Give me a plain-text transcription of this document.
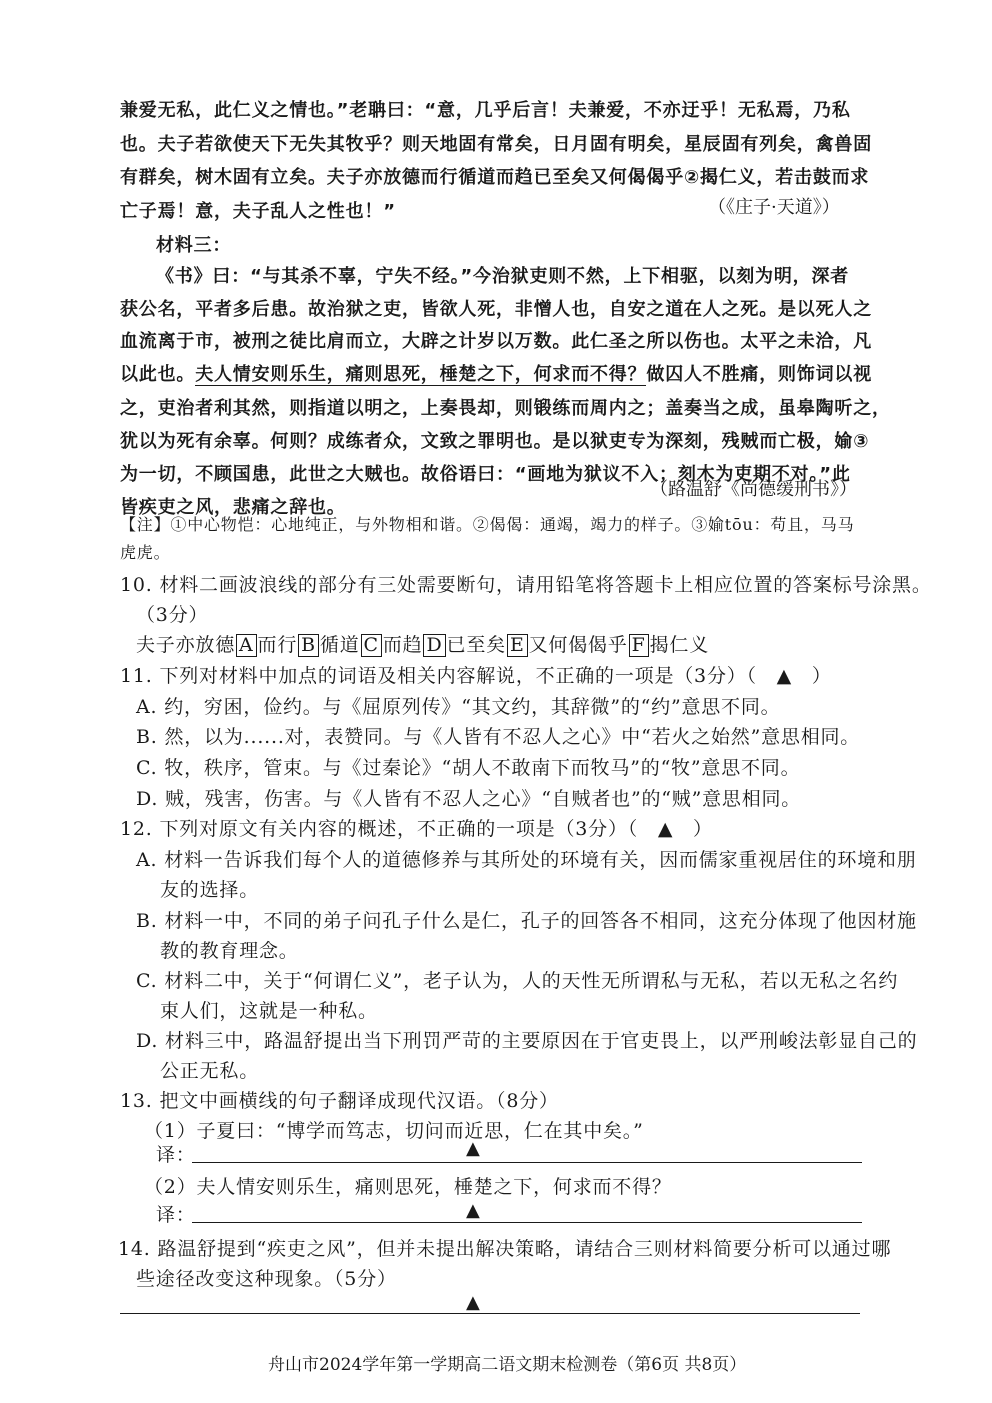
兼爱无私，此仁义之情也。”老聃曰：“意，几乎后言！夫兼爱，不亦迂乎！无私焉，乃私
也。夫子若欲使天下无失其牧乎？则天地固有常矣，日月固有明矣，星辰固有列矣，禽兽固
有群矣，树木固有立矣。夫子亦放德而行循道而趋已至矣又何偈偈乎②揭仁义，若击鼓而求
亡子焉！意，夫子乱人之性也！”	（《庄子·天道》）
材料三：
《书》曰：“与其杀不辜，宁失不经。”今治狱吏则不然，上下相驱，以刻为明，深者
获公名，平者多后患。故治狱之吏，皆欲人死，非憎人也，自安之道在人之死。是以死人之
血流离于市，被刑之徒比肩而立，大辟之计岁以万数。此仁圣之所以伤也。太平之未洽，凡
以此也。夫人情安则乐生，痛则思死，棰楚之下，何求而不得？做囚人不胜痛，则饰词以视
之，吏治者利其然，则指道以明之，上奏畏却，则锻练而周内之；盖奏当之成，虽皋陶听之，
犹以为死有余辜。何则？成练者众，文致之罪明也。是以狱吏专为深刻，残贼而亡极，媮③
为一切，不顾国患，此世之大贼也。故俗语曰：“画地为狱议不入；刻木为吏期不对。”此
皆疾吏之风，悲痛之辞也。
（路温舒《尚德缓刑书》）
【注】①中心物恺：心地纯正，与外物相和谐。②偈偈：通竭，竭力的样子。③媮tōu：苟且，马马
虎虎。
10. 材料二画波浪线的部分有三处需要断句，请用铅笔将答题卡上相应位置的答案标号涂黑。
（3分）
夫子亦放德 A 而行 B 循道 C 而趋 D 已至矣 E 又何偈偈乎 F 揭仁义
11. 下列对材料中加点的词语及相关内容解说，不正确的一项是（3分）（　▲　）
A. 约，穷困，俭约。与《屈原列传》“其文约，其辞微”的“约”意思不同。
B. 然，以为......对，表赞同。与《人皆有不忍人之心》中“若火之始然”意思相同。
C. 牧，秩序，管束。与《过秦论》“胡人不敢南下而牧马”的“牧”意思不同。
D. 贼，残害，伤害。与《人皆有不忍人之心》“自贼者也”的“贼”意思相同。
12. 下列对原文有关内容的概述，不正确的一项是（3分）（　▲　）
A. 材料一告诉我们每个人的道德修养与其所处的环境有关，因而儒家重视居住的环境和朋
友的选择。
B. 材料一中，不同的弟子问孔子什么是仁，孔子的回答各不相同，这充分体现了他因材施
教的教育理念。
C. 材料二中，关于“何谓仁义”，老子认为，人的天性无所谓私与无私，若以无私之名约
束人们，这就是一种私。
D. 材料三中，路温舒提出当下刑罚严苛的主要原因在于官吏畏上，以严刑峻法彰显自己的
公正无私。
13. 把文中画横线的句子翻译成现代汉语。（8分）
（1）子夏曰：“博学而笃志，切问而近思，仁在其中矣。”
译：	▲
（2）夫人情安则乐生，痛则思死，棰楚之下，何求而不得？
译：	▲
14. 路温舒提到“疾吏之风”，但并未提出解决策略，请结合三则材料简要分析可以通过哪
些途径改变这种现象。（5分）
▲
舟山市2024学年第一学期高二语文期末检测卷（第6页 共8页）
